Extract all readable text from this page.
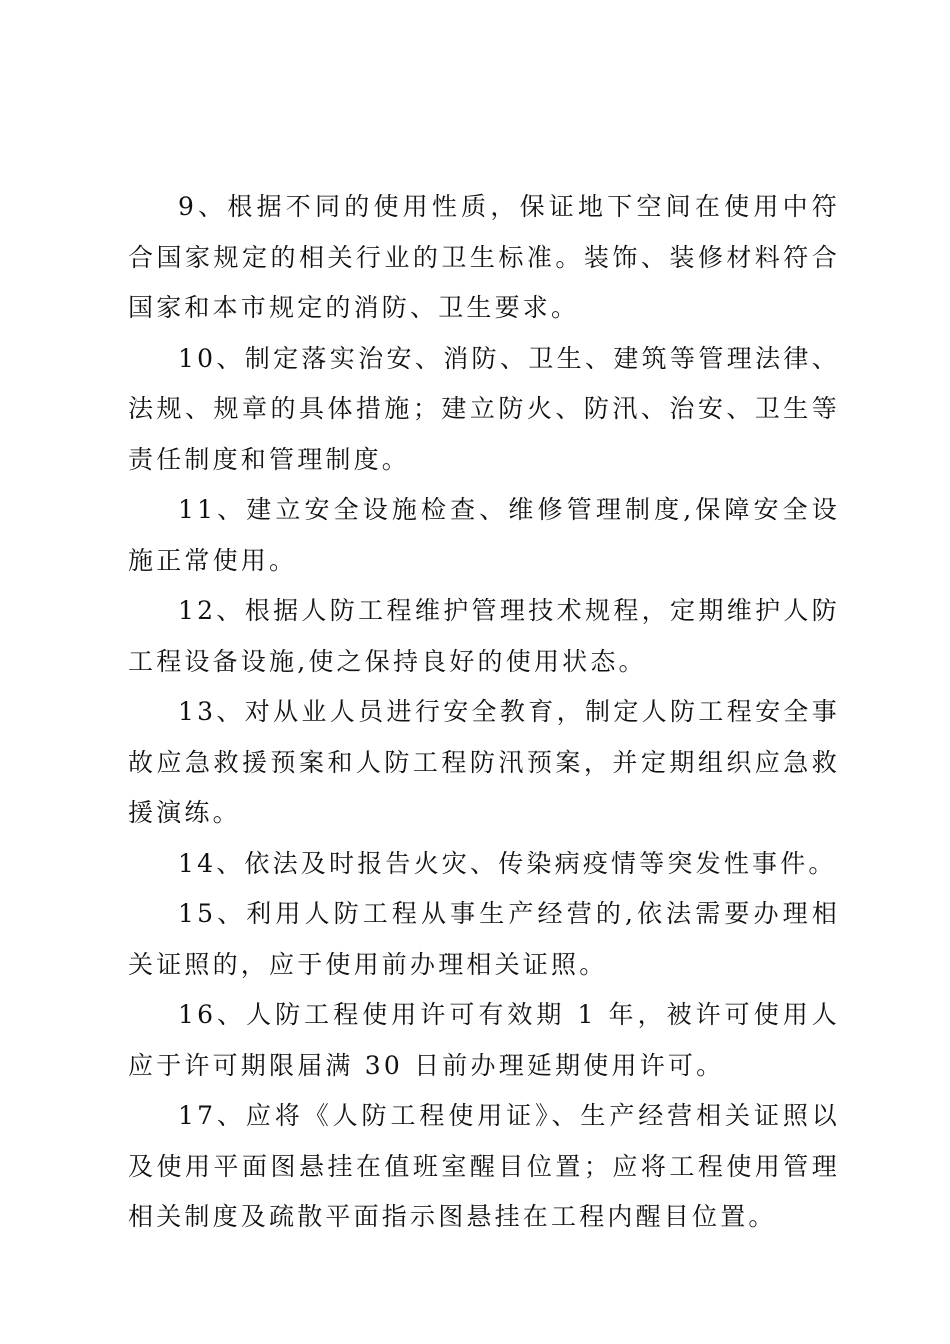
9、根据不同的使用性质，保证地下空间在使用中符合国家规定的相关行业的卫生标准。装饰、装修材料符合国家和本市规定的消防、卫生要求。

10、制定落实治安、消防、卫生、建筑等管理法律、法规、规章的具体措施；建立防火、防汛、治安、卫生等责任制度和管理制度。

11、建立安全设施检查、维修管理制度,保障安全设施正常使用。

12、根据人防工程维护管理技术规程，定期维护人防工程设备设施,使之保持良好的使用状态。

13、对从业人员进行安全教育，制定人防工程安全事故应急救援预案和人防工程防汛预案，并定期组织应急救援演练。

14、依法及时报告火灾、传染病疫情等突发性事件。

15、利用人防工程从事生产经营的,依法需要办理相关证照的，应于使用前办理相关证照。

16、人防工程使用许可有效期 1 年，被许可使用人应于许可期限届满 30 日前办理延期使用许可。

17、应将《人防工程使用证》、生产经营相关证照以及使用平面图悬挂在值班室醒目位置；应将工程使用管理相关制度及疏散平面指示图悬挂在工程内醒目位置。
